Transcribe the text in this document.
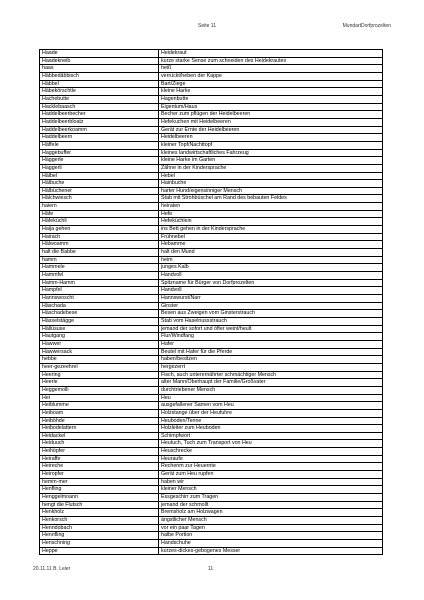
Seite 11	MundartDorfprozelten
Haade	Heidekraut
Haadekneib	kurze starke Sense zum schneiden des Heidekrautes
haas	heiß
Häbbedäbbisch	verrückt/heben der Kappe
Häbbel	Bart/Ziege
Häbekörschtle	kleine Harke
Hachebutte	Hagenbutte
Hacklebaasch	Eigentum/Haus
Haddelbeerbecher	Becher zum pflügen der Heidelbeeren
Haddelbeerbloatz	Hefekuchen mit Heidelbeeren
Haddelbeerkoamm	Gerät zur Ernte der Heidelbeeren
Haddelbeern	Heidelbeeren
Häffele	kleiner Topf/Nachttopf
Haggebuffer	kleines landwirtschaftliches Fahrzeug
Häggerle	kleine Harke im Garten
Haggerli	Zähne in der Kindersprache
Hälbel	Hebel
Hälbuche	Hainbuche
Hälbüchener	harter Hund/eigensinniger Mensch
Hälchwiesch	Stab mit Strohbüschel am Rand des bebauten Feldes
haiern	heiraten
Häfe	Hefe
Häfeküchli	Hefeküchlein
Haija gehen	ins Bett gehen in der Kindersprache
Hairach	Frühnebel
Hälwoamm	Hebamme
halt die Babbe	halt den Mund
hamm	heim
Hammele	junges Kalb
Hammfel	Handvoll
Hamm-Hamm	Spitzname für Bürger von Dorfprozelten
Hampfel	Handvoll
Hannswoscht	Hannswurst/Narr
Häschada	Ginster
Häschadebese	Besen aus Zweigen vom Ginsterstrauch
Hässelstägge	Stab vom Haselnussstrauch
Hällüsuse	jemand der sofort und öfter weint/heult
Hautgang	Flur/Windfang
Hawwer	Hafer
Hawwersack	Beutel mit Hafer für die Pferde
hebbe	haben/besitzen
heer-gezeehrel	hergezerrt
Heering	Fisch, auch unterernährter schmächtiger Mensch
Heerle	alter Mann/Oberhaupt der Familie/Großvater
Heggemolli	durchtriebener Mensch
Hei	Heu
Heiblumme	ausgefallener Samen vom Heu
Heiboam	Holzstange über der Heufuhre
Heiböhde	Heuboden/Tenne
Heibodelattern	Holzleiter zum Heuboden
Heidackel	Schimpfwort
Heiduuch	Heutuch, Tuch zum Transport von Heu
Heihöpfer	Heuschrecke
Heiraffe	Heuraufe
Heireche	Rechenm zur Heuernte
Heiropfer	Gerät zum Heu rupfen
hemm-mer	haben wir
Henfling	kleiner Mensch
Henggelmoann	Essgeschirr zum Tragen
hengt die Flutsch	jemand der schmollt
Henkholz	Bremsholz am Holzwagen
Henkorsch	ängstlicher Mensch
Henndobach	vor ein paar Tagen
Hennfling	halbe Portion
Henschning	Handschuhe
Heppe	kurzes-dickes-gebogenes Messer
20.11.11 B. Leier	11
